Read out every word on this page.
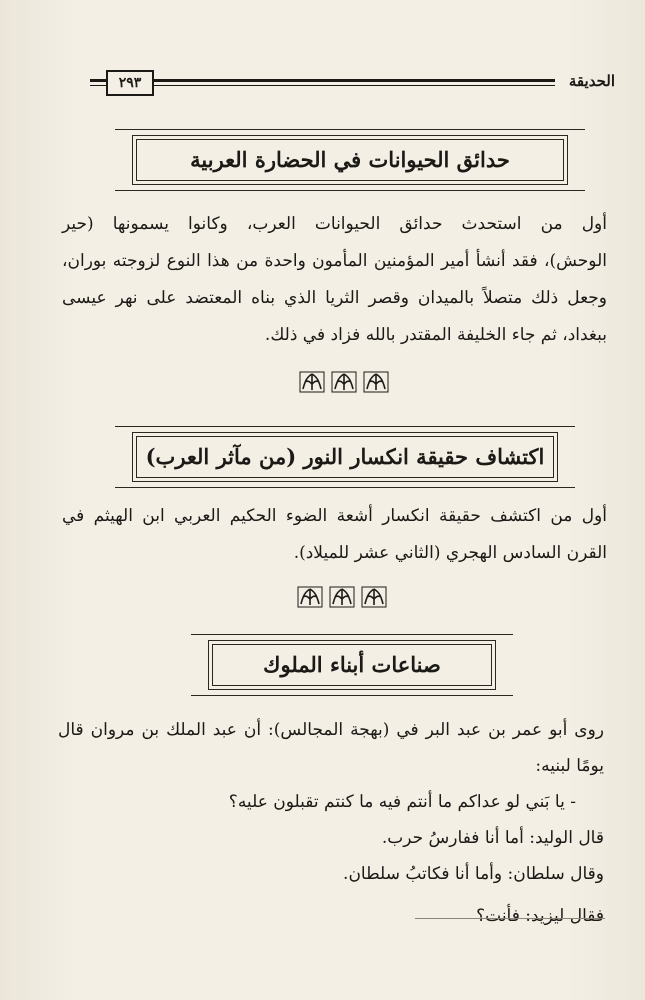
الحديقة
٢٩٣
حدائق الحيوانات في الحضارة العربية
أول من استحدث حدائق الحيوانات العرب، وكانوا يسمونها (حير
الوحش)، فقد أنشأ أمير المؤمنين المأمون واحدة من هذا النوع لزوجته بوران،
وجعل ذلك متصلاً بالميدان وقصر الثريا الذي بناه المعتضد على نهر عيسى
ببغداد، ثم جاء الخليفة المقتدر بالله فزاد في ذلك.
اكتشاف حقيقة انكسار النور (من مآثر العرب)
أول من اكتشف حقيقة انكسار أشعة الضوء الحكيم العربي ابن الهيثم في
القرن السادس الهجري (الثاني عشر للميلاد).
صناعات أبناء الملوك
روى أبو عمر بن عبد البر في (بهجة المجالس): أن عبد الملك بن مروان قال
يومًا لبنيه:
- يا بَني لو عداكم ما أنتم فيه ما كنتم تقبلون عليه؟
قال الوليد: أما أنا ففارسُ حرب.
وقال سلطان: وأما أنا فكاتبُ سلطان.
فقال ليزيد: فأنت؟
